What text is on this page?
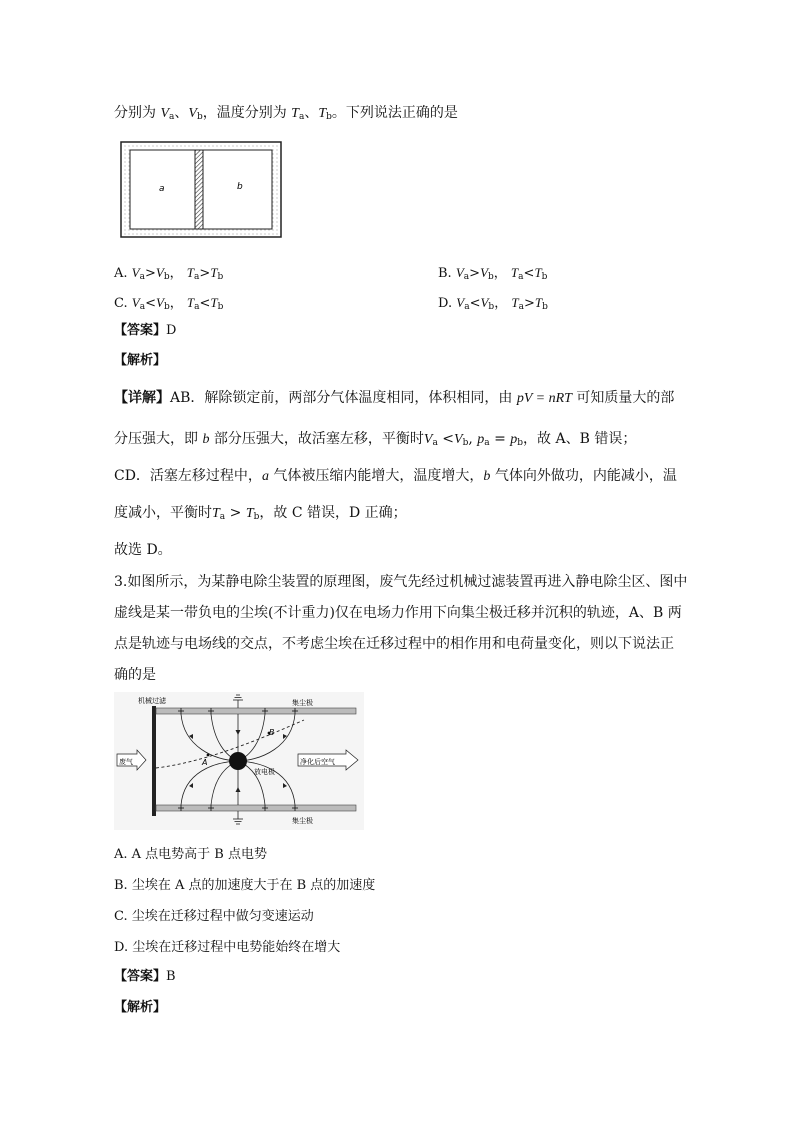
分别为 $V_a$、$V_b$，温度分别为 $T_a$、$T_b$。下列说法正确的是
a	b
A. $V_a>V_b$， $T_a>T_b$	B. $V_a>V_b$， $T_a<T_b$
C. $V_a<V_b$， $T_a<T_b$	D. $V_a<V_b$， $T_a>T_b$
【答案】D
【解析】
【详解】AB．解除锁定前，两部分气体温度相同，体积相同，由 pV = nRT 可知质量大的部
分压强大，即 b 部分压强大，故活塞左移，平衡时$V_a <V_b$, $p_a = p_b$，故 A、B 错误；
CD．活塞左移过程中，a 气体被压缩内能增大，温度增大，b 气体向外做功，内能减小，温
度减小，平衡时$T_a > T_b$，故 C 错误，D 正确；
故选 D。
3.如图所示，为某静电除尘装置的原理图，废气先经过机械过滤装置再进入静电除尘区、图中
虚线是某一带负电的尘埃(不计重力)仅在电场力作用下向集尘极迁移并沉积的轨迹，A、B 两
点是轨迹与电场线的交点，不考虑尘埃在迁移过程中的相作用和电荷量变化，则以下说法正
确的是
机械过滤	集尘极
集尘极
A
B
放电极
废气	净化后空气
A. A 点电势高于 B 点电势
B. 尘埃在 A 点的加速度大于在 B 点的加速度
C. 尘埃在迁移过程中做匀变速运动
D. 尘埃在迁移过程中电势能始终在增大
【答案】B
【解析】
